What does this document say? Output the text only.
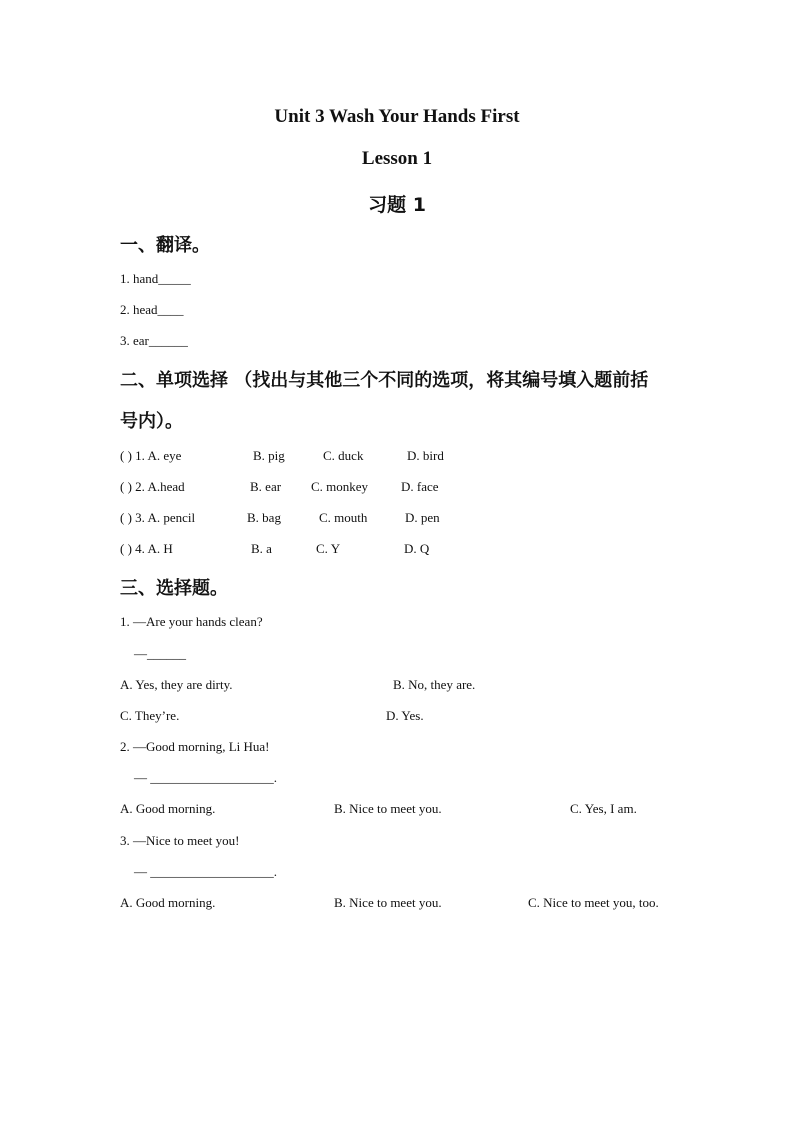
Unit 3 Wash Your Hands First
Lesson 1
习题 1
一、翻译。
1. hand_____
2. head____
3. ear______
二、单项选择 （找出与其他三个不同的选项，将其编号填入题前括
号内）。
( ) 1. A. eye	B. pig	C. duck	D. bird
( ) 2. A.head	B. ear C. monkey	D. face
( ) 3. A. pencil	B. bag	C. mouth	D. pen
( ) 4. A. H	B. a	C. Y	D. Q
三、选择题。
1. —Are your hands clean?
—______
A. Yes, they are dirty.	B. No, they are.
C. They’re.	D. Yes.
2. —Good morning, Li Hua!
— ___________________.
A. Good morning.	B. Nice to meet you.	C. Yes, I am.
3. —Nice to meet you!
— ___________________.
A. Good morning.	B. Nice to meet you.	C. Nice to meet you, too.
